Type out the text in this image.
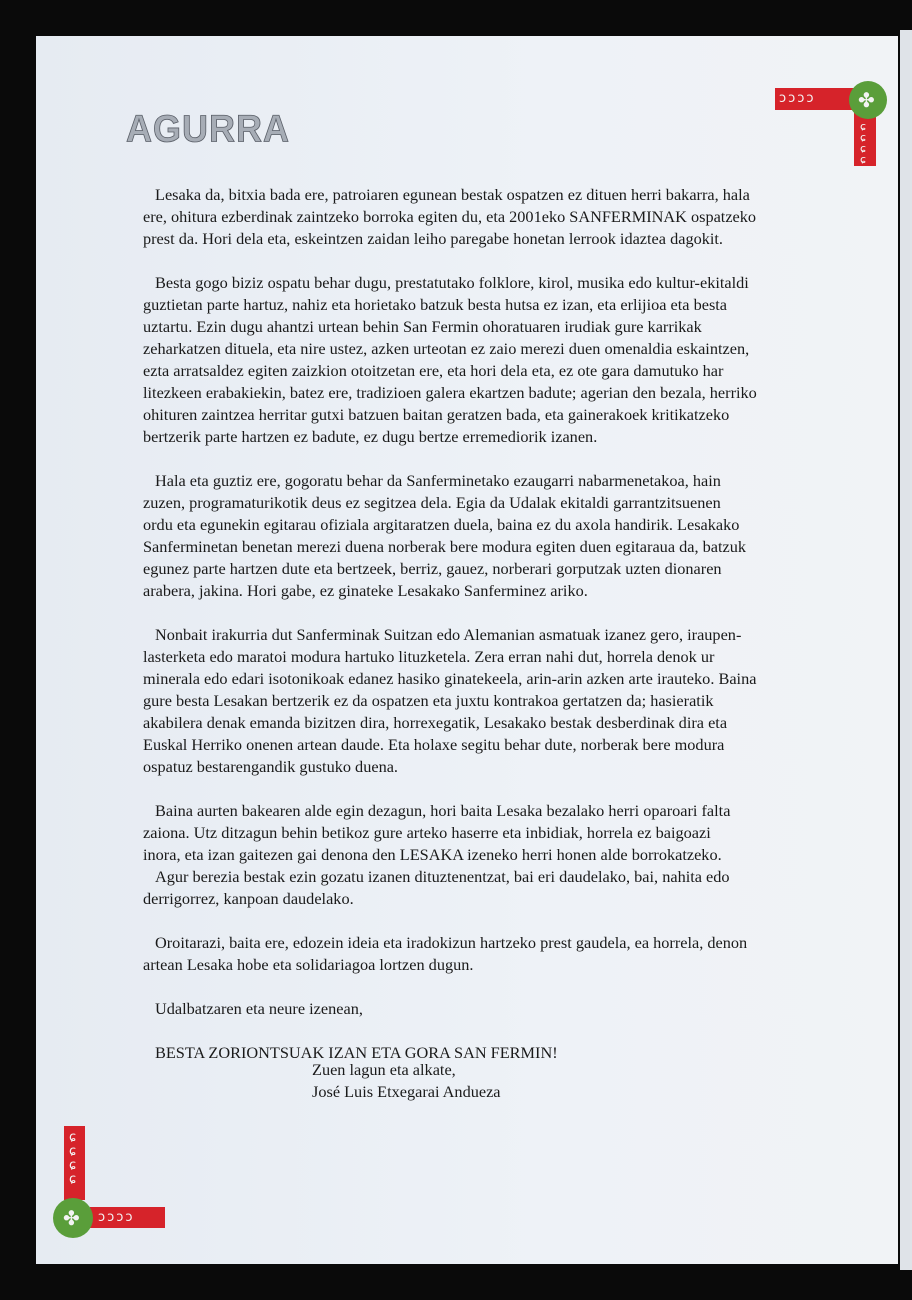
ↄↄↄↄ
ɕ
ɕ
ɕ
ɕ
✤
ɕ
ɕ
ɕ
ɕ
ↄↄↄↄ
✤
AGURRA

Lesaka da, bitxia bada ere, patroiaren egunean bestak ospatzen ez dituen herri bakarra, hala
ere, ohitura ezberdinak zaintzeko borroka egiten du, eta 2001eko SANFERMINAK ospatzeko
prest da. Hori dela eta, eskeintzen zaidan leiho paregabe honetan lerrook idaztea dagokit.

Besta gogo biziz ospatu behar dugu, prestatutako folklore, kirol, musika edo kultur-ekitaldi
guztietan parte hartuz, nahiz eta horietako batzuk besta hutsa ez izan, eta erlijioa eta besta
uztartu. Ezin dugu ahantzi urtean behin San Fermin ohoratuaren irudiak gure karrikak
zeharkatzen dituela, eta nire ustez, azken urteotan ez zaio merezi duen omenaldia eskaintzen,
ezta arratsaldez egiten zaizkion otoitzetan ere, eta hori dela eta, ez ote gara damutuko har
litezkeen erabakiekin, batez ere, tradizioen galera ekartzen badute; agerian den bezala, herriko
ohituren zaintzea herritar gutxi batzuen baitan geratzen bada, eta gainerakoek kritikatzeko
bertzerik parte hartzen ez badute, ez dugu bertze erremediorik izanen.

Hala eta guztiz ere, gogoratu behar da Sanferminetako ezaugarri nabarmenetakoa, hain
zuzen, programaturikotik deus ez segitzea dela. Egia da Udalak ekitaldi garrantzitsuenen
ordu eta egunekin egitarau ofiziala argitaratzen duela, baina ez du axola handirik. Lesakako
Sanferminetan benetan merezi duena norberak bere modura egiten duen egitaraua da, batzuk
egunez parte hartzen dute eta bertzeek, berriz, gauez, norberari gorputzak uzten dionaren
arabera, jakina. Hori gabe, ez ginateke Lesakako Sanferminez ariko.

Nonbait irakurria dut Sanferminak Suitzan edo Alemanian asmatuak izanez gero, iraupen-
lasterketa edo maratoi modura hartuko lituzketela. Zera erran nahi dut, horrela denok ur
minerala edo edari isotonikoak edanez hasiko ginatekeela, arin-arin azken arte irauteko. Baina
gure besta Lesakan bertzerik ez da ospatzen eta juxtu kontrakoa gertatzen da; hasieratik
akabilera denak emanda bizitzen dira, horrexegatik, Lesakako bestak desberdinak dira eta
Euskal Herriko onenen artean daude. Eta holaxe segitu behar dute, norberak bere modura
ospatuz bestarengandik gustuko duena.

Baina aurten bakearen alde egin dezagun, hori baita Lesaka bezalako herri oparoari falta
zaiona. Utz ditzagun behin betikoz gure arteko haserre eta inbidiak, horrela ez baigoazi
inora, eta izan gaitezen gai denona den LESAKA izeneko herri honen alde borrokatzeko.

Agur berezia bestak ezin gozatu izanen dituztenentzat, bai eri daudelako, bai, nahita edo
derrigorrez, kanpoan daudelako.

Oroitarazi, baita ere, edozein ideia eta iradokizun hartzeko prest gaudela, ea horrela, denon
artean Lesaka hobe eta solidariagoa lortzen dugun.

Udalbatzaren eta neure izenean,

BESTA ZORIONTSUAK IZAN ETA GORA SAN FERMIN!

Zuen lagun eta alkate,
José Luis Etxegarai Andueza
